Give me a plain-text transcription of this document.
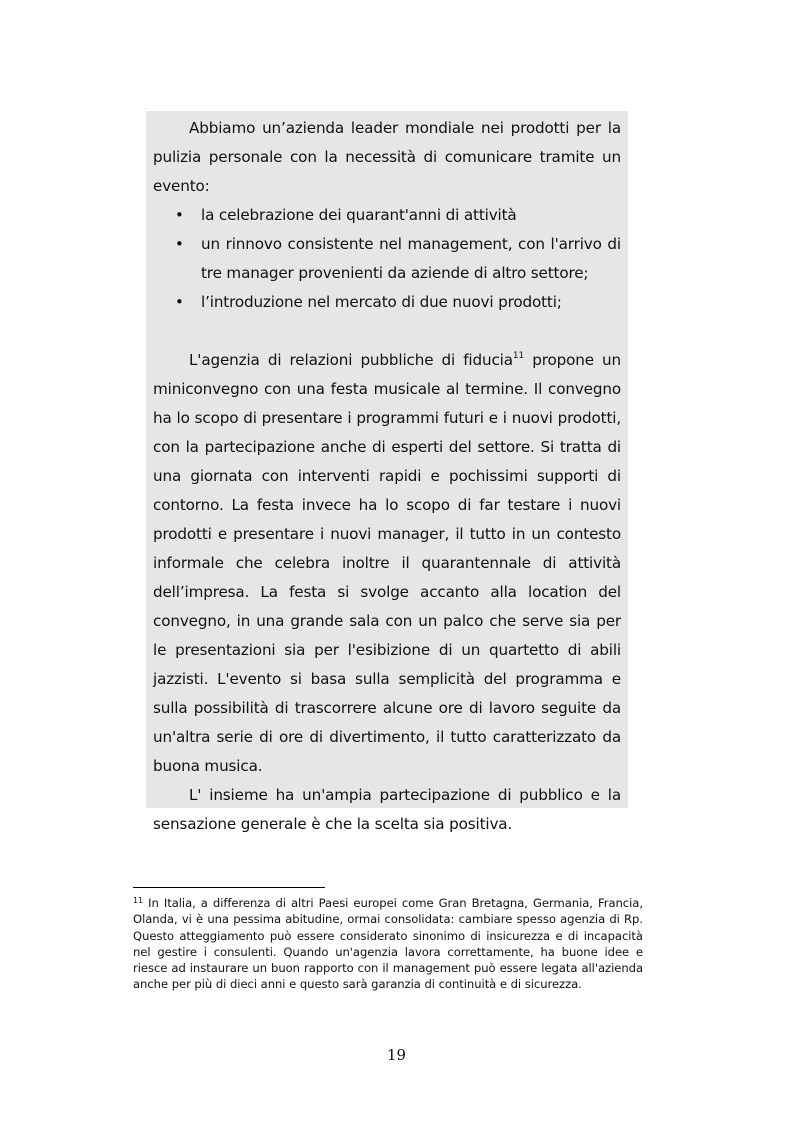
Abbiamo un’azienda leader mondiale nei prodotti per la pulizia personale con la necessità di comunicare tramite un evento:

• la celebrazione dei quarant'anni di attività
• un rinnovo consistente nel management, con l'arrivo di tre manager provenienti da aziende di altro settore;
• l’introduzione nel mercato di due nuovi prodotti;

L'agenzia di relazioni pubbliche di fiducia$^{11}$ propone un miniconvegno con una festa musicale al termine. Il convegno ha lo scopo di presentare i programmi futuri e i nuovi prodotti, con la partecipazione anche di esperti del settore. Si tratta di una giornata con interventi rapidi e pochissimi supporti di contorno. La festa invece ha lo scopo di far testare i nuovi prodotti e presentare i nuovi manager, il tutto in un contesto informale che celebra inoltre il quarantennale di attività dell’impresa. La festa si svolge accanto alla location del convegno, in una grande sala con un palco che serve sia per le presentazioni sia per l'esibizione di un quartetto di abili jazzisti. L'evento si basa sulla semplicità del programma e sulla possibilità di trascorrere alcune ore di lavoro seguite da un'altra serie di ore di divertimento, il tutto caratterizzato da buona musica.

L' insieme ha un'ampia partecipazione di pubblico e la sensazione generale è che la scelta sia positiva.

$^{11}$ In Italia, a differenza di altri Paesi europei come Gran Bretagna, Germania, Francia, Olanda, vi è una pessima abitudine, ormai consolidata: cambiare spesso agenzia di Rp. Questo atteggiamento può essere considerato sinonimo di insicurezza e di incapacità nel gestire i consulenti. Quando un'agenzia lavora correttamente, ha buone idee e riesce ad instaurare un buon rapporto con il management può essere legata all'azienda anche per più di dieci anni e questo sarà garanzia di continuità e di sicurezza.
19
